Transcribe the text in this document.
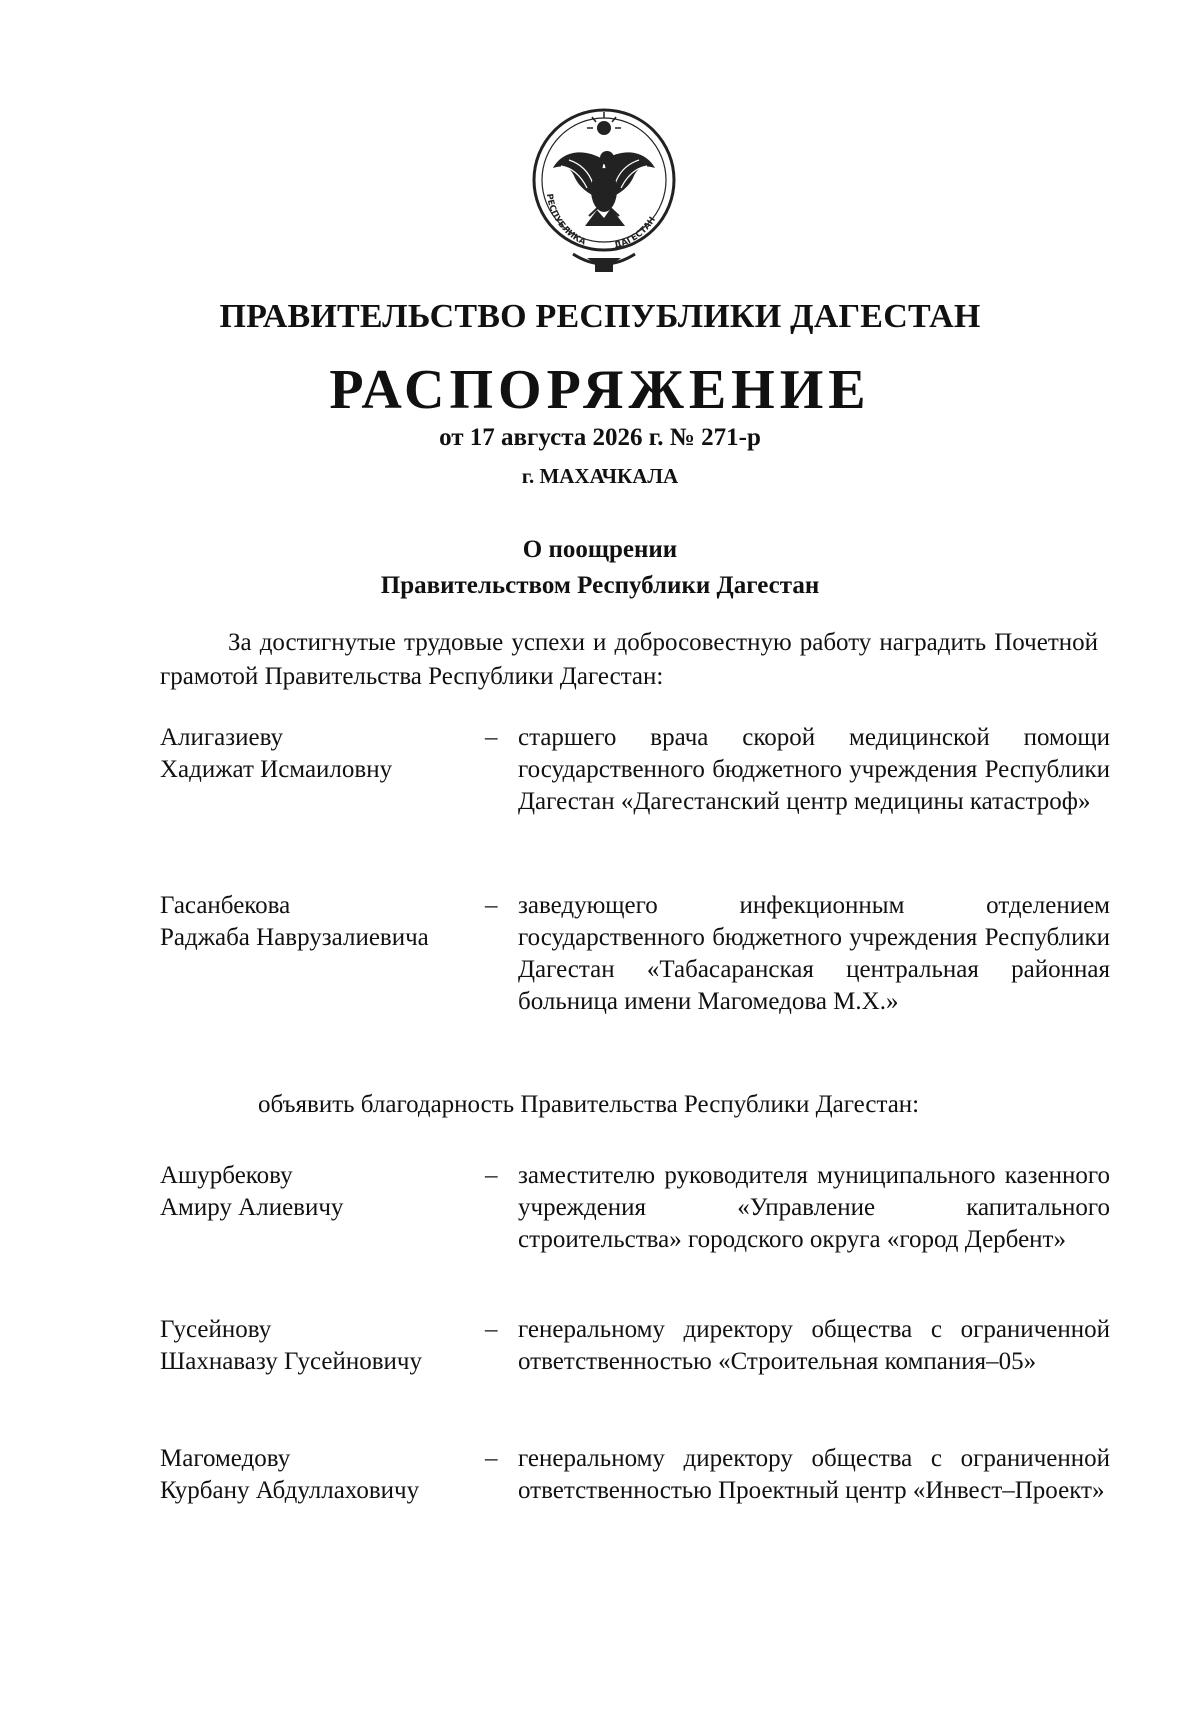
РЕСПУБЛИКА	ДАГЕСТАН
ПРАВИТЕЛЬСТВО РЕСПУБЛИКИ ДАГЕСТАН
РАСПОРЯЖЕНИЕ
от 17 августа 2026 г. № 271-р
г. МАХАЧКАЛА
О поощрении
Правительством Республики Дагестан
За достигнутые трудовые успехи и добросовестную работу наградить Почетной грамотой Правительства Республики Дагестан:
Алигазиеву
Хадижат Исмаиловну
– старшего врача скорой медицинской помощи государственного бюджетного учреждения Республики Дагестан «Дагестанский центр медицины катастроф»
Гасанбекова
Раджаба Наврузалиевича
– заведующего инфекционным отделением государственного бюджетного учреждения Республики Дагестан «Табасаранская центральная районная больница имени Магомедова М.Х.»
объявить благодарность Правительства Республики Дагестан:
Ашурбекову
Амиру Алиевичу
– заместителю руководителя муниципального казенного учреждения «Управление капитального строительства» городского округа «город Дербент»
Гусейнову
Шахнавазу Гусейновичу
– генеральному директору общества с ограниченной ответственностью «Строительная компания–05»
Магомедову
Курбану Абдуллаховичу
– генеральному директору общества с ограниченной ответственностью Проектный центр «Инвест–Проект»
